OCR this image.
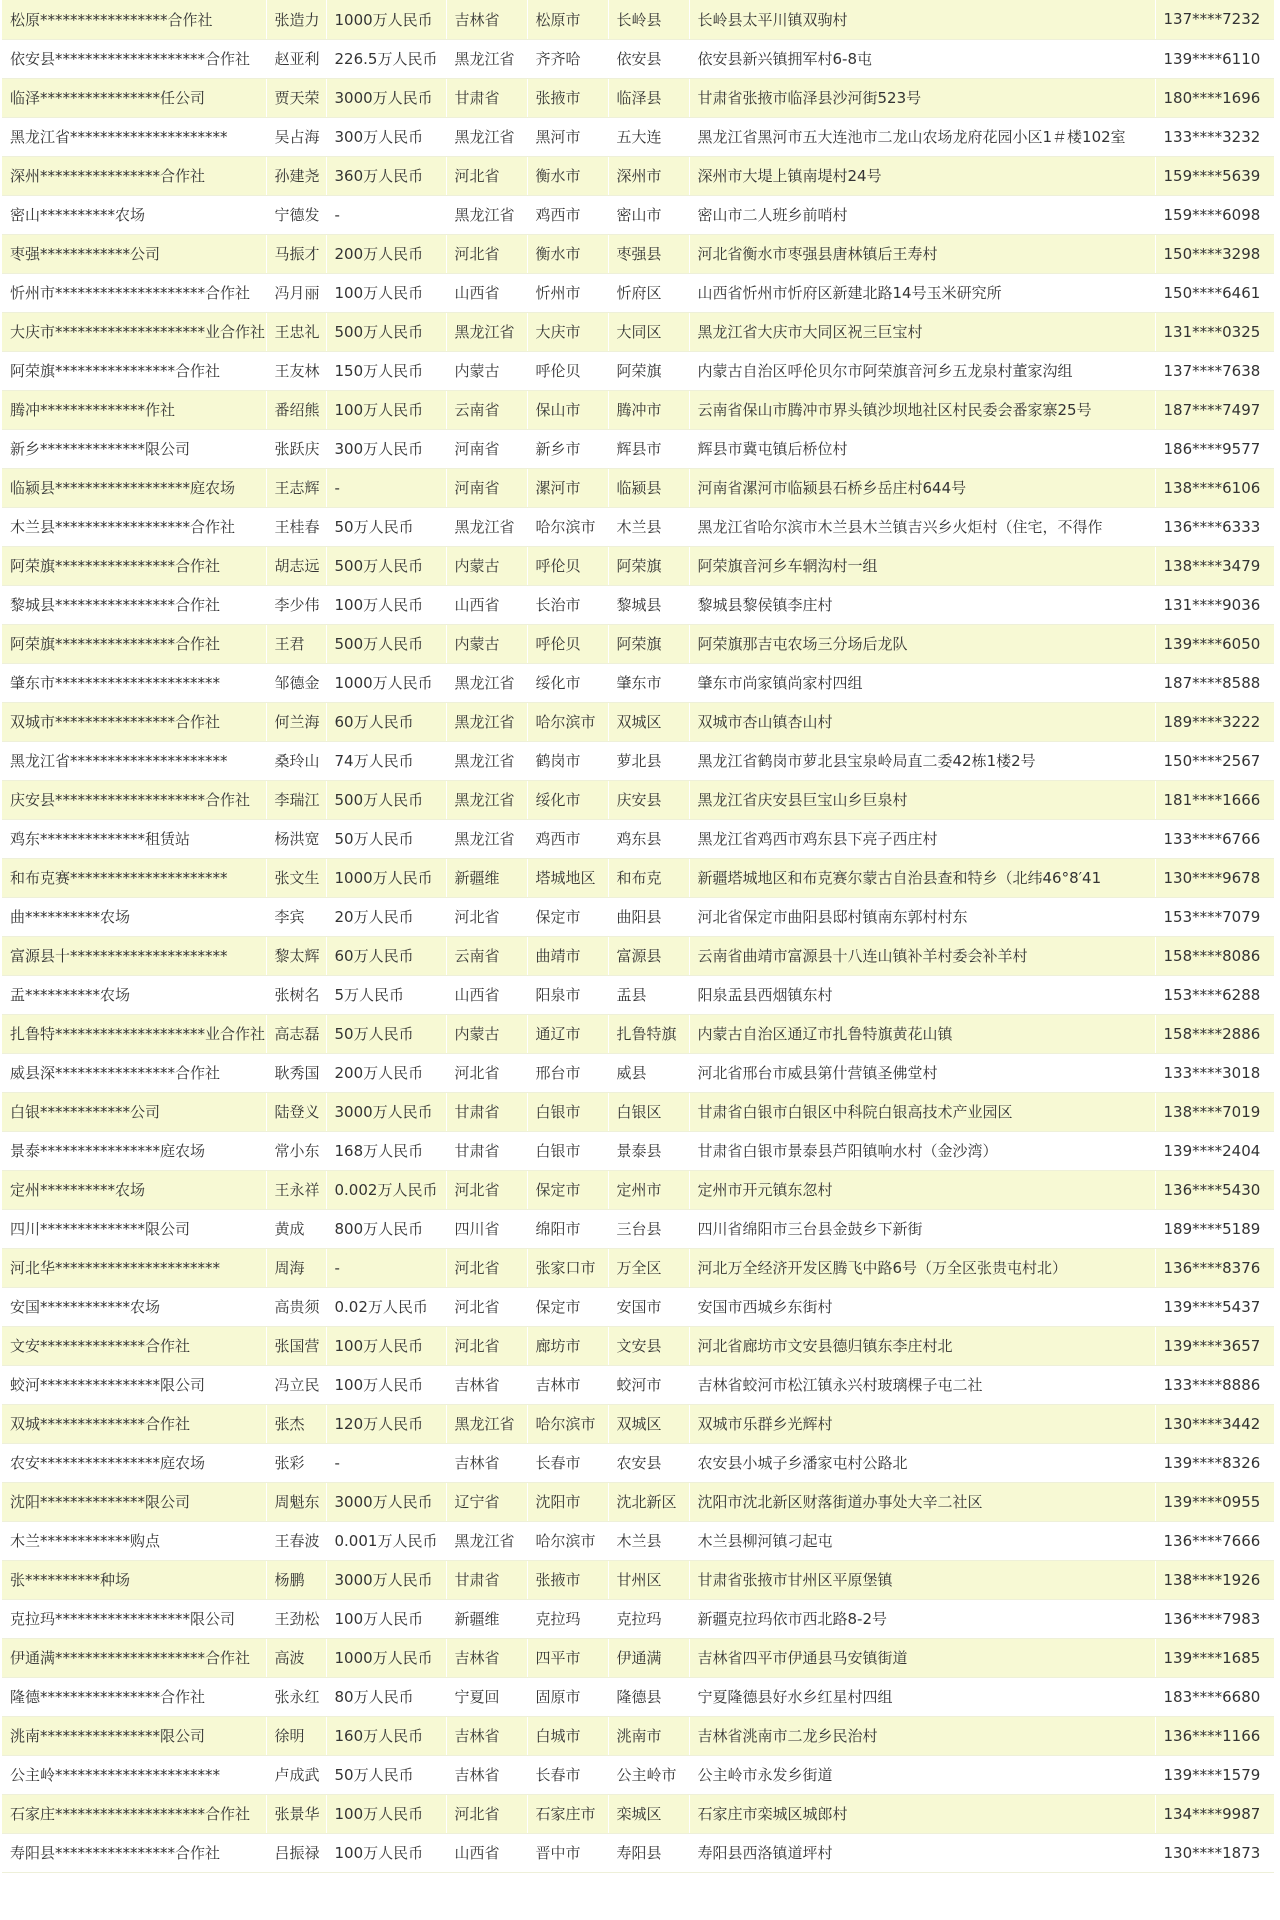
松原*****************合作社	张造力	1000万人民币	吉林省	松原市	长岭县	长岭县太平川镇双驹村	137****7232
依安县********************合作社	赵亚利	226.5万人民币	黑龙江省	齐齐哈	依安县	依安县新兴镇拥军村6-8屯	139****6110
临泽****************任公司	贾天荣	3000万人民币	甘肃省	张掖市	临泽县	甘肃省张掖市临泽县沙河街523号	180****1696
黑龙江省*********************	吴占海	300万人民币	黑龙江省	黑河市	五大连	黑龙江省黑河市五大连池市二龙山农场龙府花园小区1＃楼102室	133****3232
深州****************合作社	孙建尧	360万人民币	河北省	衡水市	深州市	深州市大堤上镇南堤村24号	159****5639
密山**********农场	宁德发	-	黑龙江省	鸡西市	密山市	密山市二人班乡前哨村	159****6098
枣强************公司	马振才	200万人民币	河北省	衡水市	枣强县	河北省衡水市枣强县唐林镇后王寿村	150****3298
忻州市********************合作社	冯月丽	100万人民币	山西省	忻州市	忻府区	山西省忻州市忻府区新建北路14号玉米研究所	150****6461
大庆市********************业合作社	王忠礼	500万人民币	黑龙江省	大庆市	大同区	黑龙江省大庆市大同区祝三巨宝村	131****0325
阿荣旗****************合作社	王友林	150万人民币	内蒙古	呼伦贝	阿荣旗	内蒙古自治区呼伦贝尔市阿荣旗音河乡五龙泉村董家沟组	137****7638
腾冲**************作社	番绍熊	100万人民币	云南省	保山市	腾冲市	云南省保山市腾冲市界头镇沙坝地社区村民委会番家寨25号	187****7497
新乡**************限公司	张跃庆	300万人民币	河南省	新乡市	辉县市	辉县市冀屯镇后桥位村	186****9577
临颍县******************庭农场	王志辉	-	河南省	漯河市	临颍县	河南省漯河市临颍县石桥乡岳庄村644号	138****6106
木兰县******************合作社	王桂春	50万人民币	黑龙江省	哈尔滨市	木兰县	黑龙江省哈尔滨市木兰县木兰镇吉兴乡火炬村（住宅，不得作	136****6333
阿荣旗****************合作社	胡志远	500万人民币	内蒙古	呼伦贝	阿荣旗	阿荣旗音河乡车辋沟村一组	138****3479
黎城县****************合作社	李少伟	100万人民币	山西省	长治市	黎城县	黎城县黎侯镇李庄村	131****9036
阿荣旗****************合作社	王君	500万人民币	内蒙古	呼伦贝	阿荣旗	阿荣旗那吉屯农场三分场后龙队	139****6050
肇东市**********************	邹德金	1000万人民币	黑龙江省	绥化市	肇东市	肇东市尚家镇尚家村四组	187****8588
双城市****************合作社	何兰海	60万人民币	黑龙江省	哈尔滨市	双城区	双城市杏山镇杏山村	189****3222
黑龙江省*********************	桑玲山	74万人民币	黑龙江省	鹤岗市	萝北县	黑龙江省鹤岗市萝北县宝泉岭局直二委42栋1楼2号	150****2567
庆安县********************合作社	李瑞江	500万人民币	黑龙江省	绥化市	庆安县	黑龙江省庆安县巨宝山乡巨泉村	181****1666
鸡东**************租赁站	杨洪宽	50万人民币	黑龙江省	鸡西市	鸡东县	黑龙江省鸡西市鸡东县下亮子西庄村	133****6766
和布克赛*********************	张文生	1000万人民币	新疆维	塔城地区	和布克	新疆塔城地区和布克赛尔蒙古自治县查和特乡（北纬46°8′41	130****9678
曲**********农场	李宾	20万人民币	河北省	保定市	曲阳县	河北省保定市曲阳县邸村镇南东郭村村东	153****7079
富源县十*********************	黎太辉	60万人民币	云南省	曲靖市	富源县	云南省曲靖市富源县十八连山镇补羊村委会补羊村	158****8086
盂**********农场	张树名	5万人民币	山西省	阳泉市	盂县	阳泉盂县西烟镇东村	153****6288
扎鲁特********************业合作社	高志磊	50万人民币	内蒙古	通辽市	扎鲁特旗	内蒙古自治区通辽市扎鲁特旗黄花山镇	158****2886
威县深****************合作社	耿秀国	200万人民币	河北省	邢台市	威县	河北省邢台市威县第什营镇圣佛堂村	133****3018
白银************公司	陆登义	3000万人民币	甘肃省	白银市	白银区	甘肃省白银市白银区中科院白银高技术产业园区	138****7019
景泰****************庭农场	常小东	168万人民币	甘肃省	白银市	景泰县	甘肃省白银市景泰县芦阳镇响水村（金沙湾）	139****2404
定州**********农场	王永祥	0.002万人民币	河北省	保定市	定州市	定州市开元镇东忽村	136****5430
四川**************限公司	黄成	800万人民币	四川省	绵阳市	三台县	四川省绵阳市三台县金鼓乡下新街	189****5189
河北华**********************	周海	-	河北省	张家口市	万全区	河北万全经济开发区腾飞中路6号（万全区张贵屯村北）	136****8376
安国************农场	高贵须	0.02万人民币	河北省	保定市	安国市	安国市西城乡东街村	139****5437
文安**************合作社	张国营	100万人民币	河北省	廊坊市	文安县	河北省廊坊市文安县德归镇东李庄村北	139****3657
蛟河****************限公司	冯立民	100万人民币	吉林省	吉林市	蛟河市	吉林省蛟河市松江镇永兴村玻璃棵子屯二社	133****8886
双城**************合作社	张杰	120万人民币	黑龙江省	哈尔滨市	双城区	双城市乐群乡光辉村	130****3442
农安****************庭农场	张彩	-	吉林省	长春市	农安县	农安县小城子乡潘家屯村公路北	139****8326
沈阳**************限公司	周魁东	3000万人民币	辽宁省	沈阳市	沈北新区	沈阳市沈北新区财落街道办事处大辛二社区	139****0955
木兰************购点	王春波	0.001万人民币	黑龙江省	哈尔滨市	木兰县	木兰县柳河镇刁起屯	136****7666
张**********种场	杨鹏	3000万人民币	甘肃省	张掖市	甘州区	甘肃省张掖市甘州区平原堡镇	138****1926
克拉玛******************限公司	王劲松	100万人民币	新疆维	克拉玛	克拉玛	新疆克拉玛依市西北路8-2号	136****7983
伊通满********************合作社	高波	1000万人民币	吉林省	四平市	伊通满	吉林省四平市伊通县马安镇街道	139****1685
隆德****************合作社	张永红	80万人民币	宁夏回	固原市	隆德县	宁夏隆德县好水乡红星村四组	183****6680
洮南****************限公司	徐明	160万人民币	吉林省	白城市	洮南市	吉林省洮南市二龙乡民治村	136****1166
公主岭**********************	卢成武	50万人民币	吉林省	长春市	公主岭市	公主岭市永发乡街道	139****1579
石家庄********************合作社	张景华	100万人民币	河北省	石家庄市	栾城区	石家庄市栾城区城郎村	134****9987
寿阳县****************合作社	吕振禄	100万人民币	山西省	晋中市	寿阳县	寿阳县西洛镇道坪村	130****1873
